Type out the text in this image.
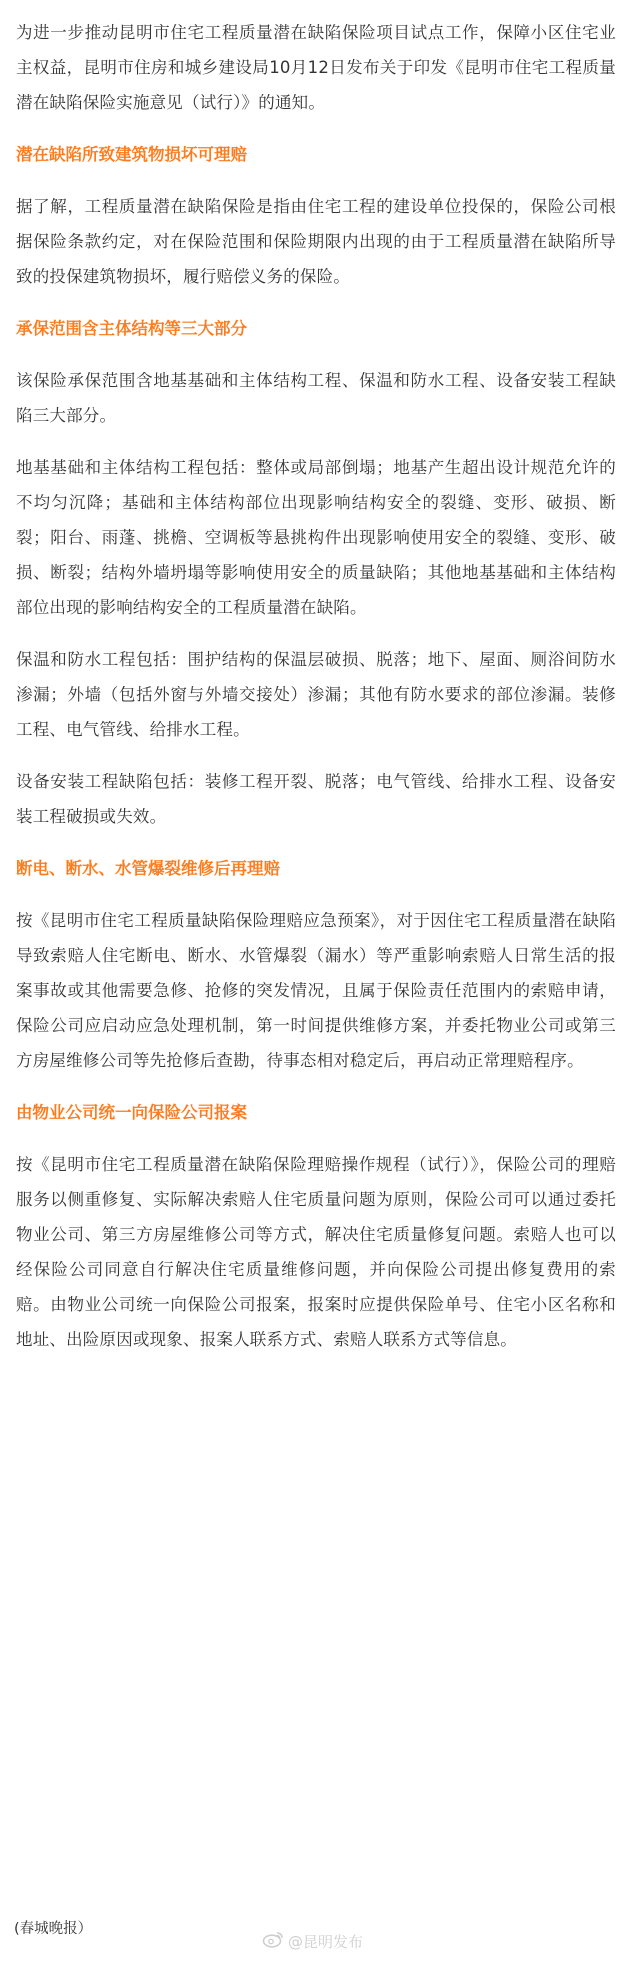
为进一步推动昆明市住宅工程质量潜在缺陷保险项目试点工作，保障小区住宅业主权益，昆明市住房和城乡建设局10月12日发布关于印发《昆明市住宅工程质量潜在缺陷保险实施意见（试行）》的通知。

潜在缺陷所致建筑物损坏可理赔

据了解，工程质量潜在缺陷保险是指由住宅工程的建设单位投保的，保险公司根据保险条款约定，对在保险范围和保险期限内出现的由于工程质量潜在缺陷所导致的投保建筑物损坏，履行赔偿义务的保险。

承保范围含主体结构等三大部分

该保险承保范围含地基基础和主体结构工程、保温和防水工程、设备安装工程缺陷三大部分。

地基基础和主体结构工程包括：整体或局部倒塌；地基产生超出设计规范允许的不均匀沉降；基础和主体结构部位出现影响结构安全的裂缝、变形、破损、断裂；阳台、雨蓬、挑檐、空调板等悬挑构件出现影响使用安全的裂缝、变形、破损、断裂；结构外墙坍塌等影响使用安全的质量缺陷；其他地基基础和主体结构部位出现的影响结构安全的工程质量潜在缺陷。

保温和防水工程包括：围护结构的保温层破损、脱落；地下、屋面、厕浴间防水渗漏；外墙（包括外窗与外墙交接处）渗漏；其他有防水要求的部位渗漏。装修工程、电气管线、给排水工程。

设备安装工程缺陷包括：装修工程开裂、脱落；电气管线、给排水工程、设备安装工程破损或失效。

断电、断水、水管爆裂维修后再理赔

按《昆明市住宅工程质量缺陷保险理赔应急预案》，对于因住宅工程质量潜在缺陷导致索赔人住宅断电、断水、水管爆裂（漏水）等严重影响索赔人日常生活的报案事故或其他需要急修、抢修的突发情况，且属于保险责任范围内的索赔申请，保险公司应启动应急处理机制，第一时间提供维修方案，并委托物业公司或第三方房屋维修公司等先抢修后查勘，待事态相对稳定后，再启动正常理赔程序。

由物业公司统一向保险公司报案

按《昆明市住宅工程质量潜在缺陷保险理赔操作规程（试行）》，保险公司的理赔服务以侧重修复、实际解决索赔人住宅质量问题为原则，保险公司可以通过委托物业公司、第三方房屋维修公司等方式，解决住宅质量修复问题。索赔人也可以经保险公司同意自行解决住宅质量维修问题，并向保险公司提出修复费用的索赔。由物业公司统一向保险公司报案，报案时应提供保险单号、住宅小区名称和地址、出险原因或现象、报案人联系方式、索赔人联系方式等信息。

(春城晚报）

@昆明发布
